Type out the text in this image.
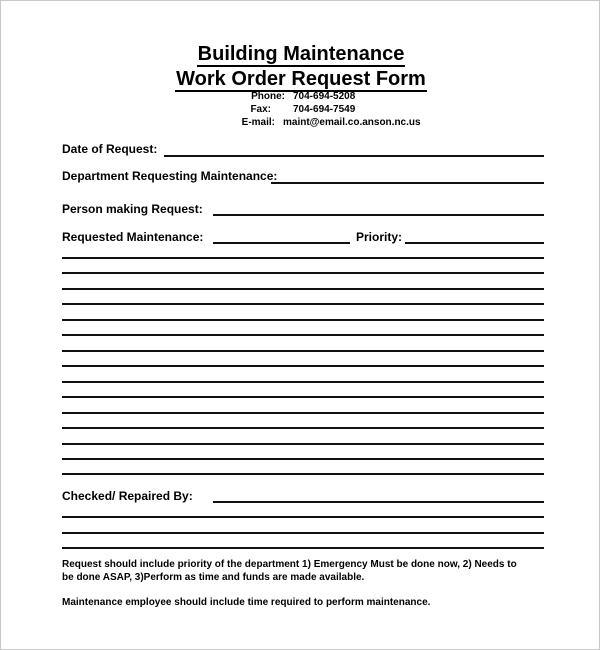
Building Maintenance
Work Order Request Form
Phone: 704-694-5208
Fax: 704-694-7549
E-mail: maint@email.co.anson.nc.us
Date of Request:
Department Requesting Maintenance:
Person making Request:
Requested Maintenance:	Priority:
Checked/ Repaired By:
Request should include priority of the department 1) Emergency Must be done now, 2) Needs to
be done ASAP, 3)Perform as time and funds are made available.
Maintenance employee should include time required to perform maintenance.
